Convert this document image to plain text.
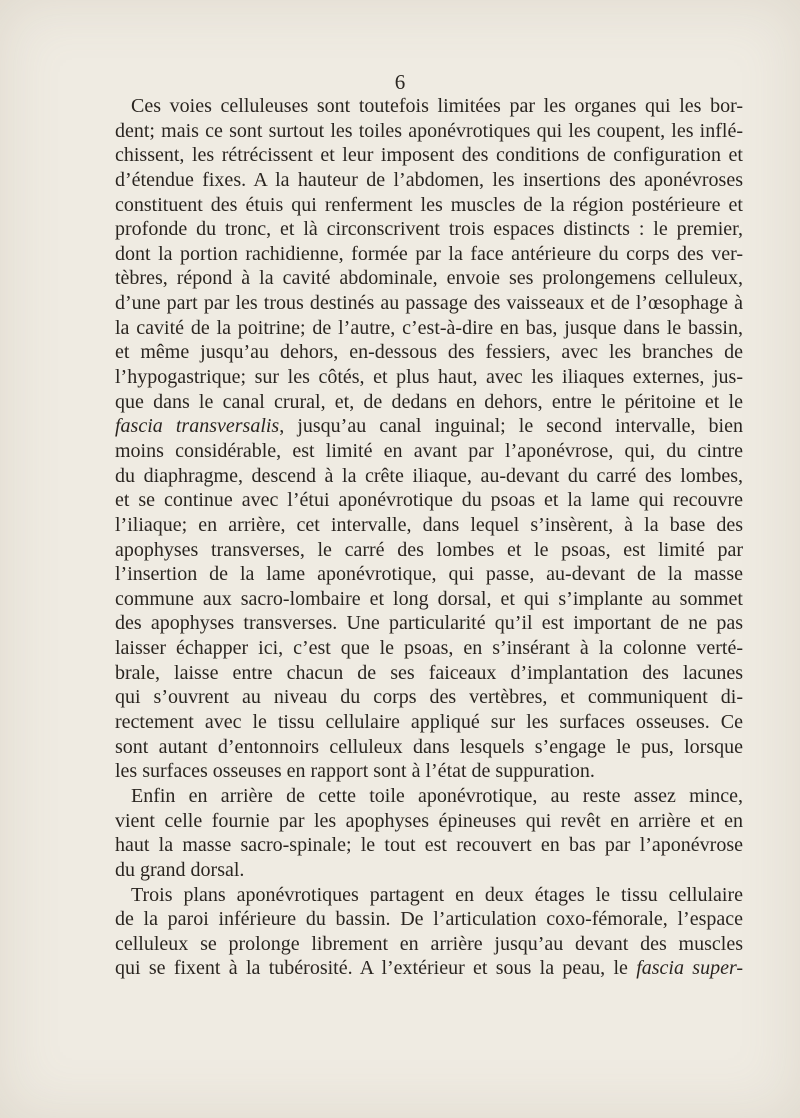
6
Ces voies celluleuses sont toutefois limitées par les organes qui les bor-
dent; mais ce sont surtout les toiles aponévrotiques qui les coupent, les inflé-
chissent, les rétrécissent et leur imposent des conditions de configuration et
d’étendue fixes. A la hauteur de l’abdomen, les insertions des aponévroses
constituent des étuis qui renferment les muscles de la région postérieure et
profonde du tronc, et là circonscrivent trois espaces distincts : le premier,
dont la portion rachidienne, formée par la face antérieure du corps des ver-
tèbres, répond à la cavité abdominale, envoie ses prolongemens celluleux,
d’une part par les trous destinés au passage des vaisseaux et de l’œsophage à
la cavité de la poitrine; de l’autre, c’est-à-dire en bas, jusque dans le bassin,
et même jusqu’au dehors, en-dessous des fessiers, avec les branches de
l’hypogastrique; sur les côtés, et plus haut, avec les iliaques externes, jus-
que dans le canal crural, et, de dedans en dehors, entre le péritoine et le
fascia transversalis, jusqu’au canal inguinal; le second intervalle, bien
moins considérable, est limité en avant par l’aponévrose, qui, du cintre
du diaphragme, descend à la crête iliaque, au-devant du carré des lombes,
et se continue avec l’étui aponévrotique du psoas et la lame qui recouvre
l’iliaque; en arrière, cet intervalle, dans lequel s’insèrent, à la base des
apophyses transverses, le carré des lombes et le psoas, est limité par
l’insertion de la lame aponévrotique, qui passe, au-devant de la masse
commune aux sacro-lombaire et long dorsal, et qui s’implante au sommet
des apophyses transverses. Une particularité qu’il est important de ne pas
laisser échapper ici, c’est que le psoas, en s’insérant à la colonne verté-
brale, laisse entre chacun de ses faiceaux d’implantation des lacunes
qui s’ouvrent au niveau du corps des vertèbres, et communiquent di-
rectement avec le tissu cellulaire appliqué sur les surfaces osseuses. Ce
sont autant d’entonnoirs celluleux dans lesquels s’engage le pus, lorsque
les surfaces osseuses en rapport sont à l’état de suppuration.
Enfin en arrière de cette toile aponévrotique, au reste assez mince,
vient celle fournie par les apophyses épineuses qui revêt en arrière et en
haut la masse sacro-spinale; le tout est recouvert en bas par l’aponévrose
du grand dorsal.
Trois plans aponévrotiques partagent en deux étages le tissu cellulaire
de la paroi inférieure du bassin. De l’articulation coxo-fémorale, l’espace
celluleux se prolonge librement en arrière jusqu’au devant des muscles
qui se fixent à la tubérosité. A l’extérieur et sous la peau, le fascia super-
